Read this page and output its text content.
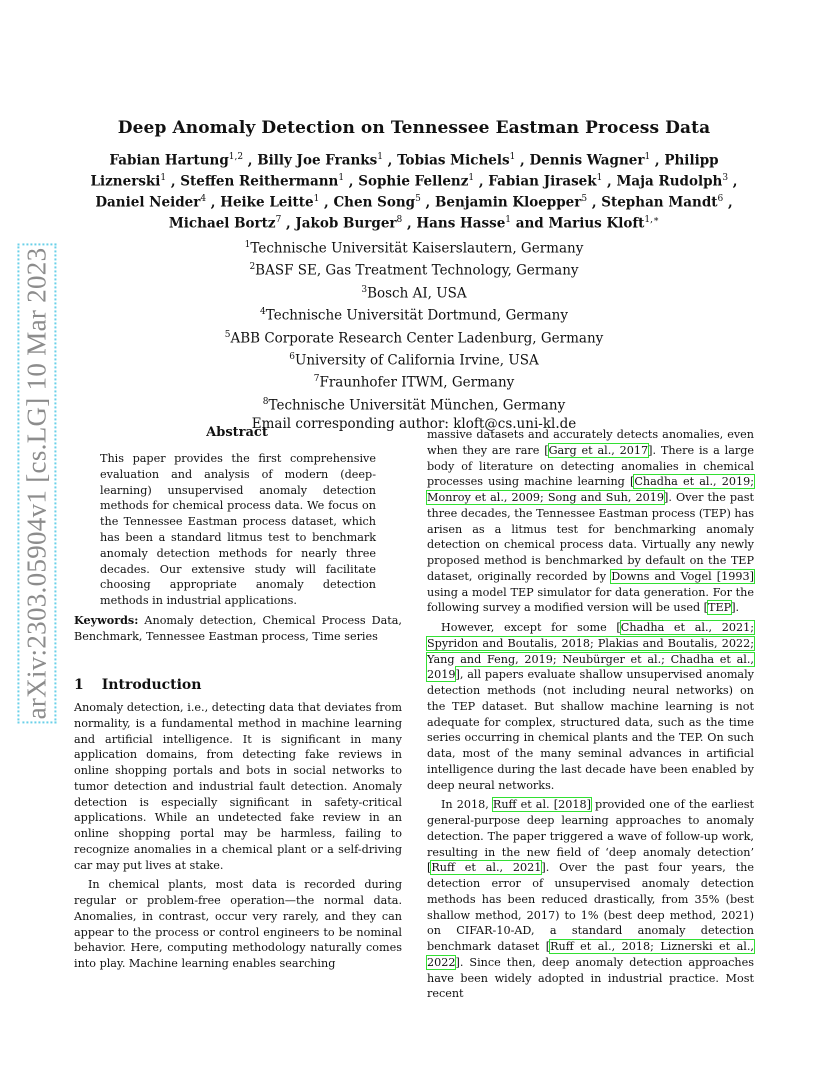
arXiv:2303.05904v1 [cs.LG] 10 Mar 2023
Deep Anomaly Detection on Tennessee Eastman Process Data
Fabian Hartung$^{1,2}$ , Billy Joe Franks$^1$ , Tobias Michels$^1$ , Dennis Wagner$^1$ , Philipp Liznerski$^1$ , Steffen Reithermann$^1$ , Sophie Fellenz$^1$ , Fabian Jirasek$^1$ , Maja Rudolph$^3$ , Daniel Neider$^4$ , Heike Leitte$^1$ , Chen Song$^5$ , Benjamin Kloepper$^5$ , Stephan Mandt$^6$ , Michael Bortz$^7$ , Jakob Burger$^8$ , Hans Hasse$^1$ and Marius Kloft$^{1,∗}$
$^1$Technische Universität Kaiserslautern, Germany
$^2$BASF SE, Gas Treatment Technology, Germany
$^3$Bosch AI, USA
$^4$Technische Universität Dortmund, Germany
$^5$ABB Corporate Research Center Ladenburg, Germany
$^6$University of California Irvine, USA
$^7$Fraunhofer ITWM, Germany
$^8$Technische Universität München, Germany
Email corresponding author: kloft@cs.uni-kl.de
Abstract
This paper provides the first comprehensive evaluation and analysis of modern (deep-learning) unsupervised anomaly detection methods for chemical process data. We focus on the Tennessee Eastman process dataset, which has been a standard litmus test to benchmark anomaly detection methods for nearly three decades. Our extensive study will facilitate choosing appropriate anomaly detection methods in industrial applications.
Keywords: Anomaly detection, Chemical Process Data, Benchmark, Tennessee Eastman process, Time series
1 Introduction

Anomaly detection, i.e., detecting data that deviates from normality, is a fundamental method in machine learning and artificial intelligence. It is significant in many application domains, from detecting fake reviews in online shopping portals and bots in social networks to tumor detection and industrial fault detection. Anomaly detection is especially significant in safety-critical applications. While an undetected fake review in an online shopping portal may be harmless, failing to recognize anomalies in a chemical plant or a self-driving car may put lives at stake.

In chemical plants, most data is recorded during regular or problem-free operation—the normal data. Anomalies, in contrast, occur very rarely, and they can appear to the process or control engineers to be nominal behavior. Here, computing methodology naturally comes into play. Machine learning enables searching

massive datasets and accurately detects anomalies, even when they are rare [Garg et al., 2017]. There is a large body of literature on detecting anomalies in chemical processes using machine learning [Chadha et al., 2019; Monroy et al., 2009; Song and Suh, 2019]. Over the past three decades, the Tennessee Eastman process (TEP) has arisen as a litmus test for benchmarking anomaly detection on chemical process data. Virtually any newly proposed method is benchmarked by default on the TEP dataset, originally recorded by Downs and Vogel [1993] using a model TEP simulator for data generation. For the following survey a modified version will be used [TEP].

However, except for some [Chadha et al., 2021; Spyridon and Boutalis, 2018; Plakias and Boutalis, 2022; Yang and Feng, 2019; Neubürger et al.; Chadha et al., 2019], all papers evaluate shallow unsupervised anomaly detection methods (not including neural networks) on the TEP dataset. But shallow machine learning is not adequate for complex, structured data, such as the time series occurring in chemical plants and the TEP. On such data, most of the many seminal advances in artificial intelligence during the last decade have been enabled by deep neural networks.

In 2018, Ruff et al. [2018] provided one of the earliest general-purpose deep learning approaches to anomaly detection. The paper triggered a wave of follow-up work, resulting in the new field of ‘deep anomaly detection’ [Ruff et al., 2021]. Over the past four years, the detection error of unsupervised anomaly detection methods has been reduced drastically, from 35% (best shallow method, 2017) to 1% (best deep method, 2021) on CIFAR-10-AD, a standard anomaly detection benchmark dataset [Ruff et al., 2018; Liznerski et al., 2022]. Since then, deep anomaly detection approaches have been widely adopted in industrial practice. Most recent
